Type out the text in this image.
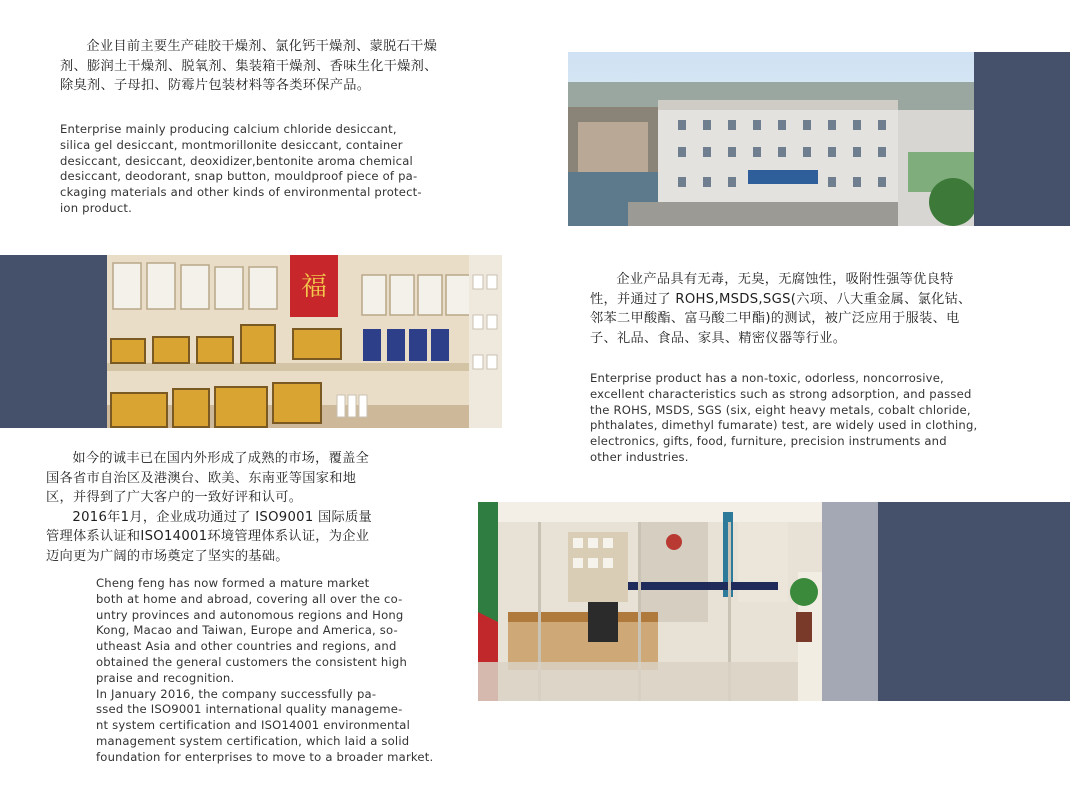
企业目前主要生产硅胶干燥剂、氯化钙干燥剂、蒙脱石干燥剂、膨润土干燥剂、脱氧剂、集装箱干燥剂、香味生化干燥剂、除臭剂、子母扣、防霉片包装材料等各类环保产品。

Enterprise mainly producing calcium chloride desiccant,
silica gel desiccant, montmorillonite desiccant, container
desiccant, desiccant, deoxidizer,bentonite aroma chemical
desiccant, deodorant, snap button, mouldproof piece of pa-
ckaging materials and other kinds of environmental protect-
ion product.

福	企业产品具有无毒，无臭，无腐蚀性，吸附性强等优良特性，并通过了 ROHS,MSDS,SGS(六项、八大重金属、氯化钴、邻苯二甲酸酯、富马酸二甲酯)的测试，被广泛应用于服装、电子、礼品、食品、家具、精密仪器等行业。

Enterprise product has a non-toxic, odorless, noncorrosive,
excellent characteristics such as strong adsorption, and passed
the ROHS, MSDS, SGS (six, eight heavy metals, cobalt chloride,
phthalates, dimethyl fumarate) test, are widely used in clothing,
electronics, gifts, food, furniture, precision instruments and
other industries.

如今的诚丰已在国内外形成了成熟的市场，覆盖全国各省市自治区及港澳台、欧美、东南亚等国家和地区，并得到了广大客户的一致好评和认可。

2016年1月，企业成功通过了 ISO9001 国际质量管理体系认证和ISO14001环境管理体系认证，为企业迈向更为广阔的市场奠定了坚实的基础。

Cheng feng has now formed a mature market
both at home and abroad, covering all over the co-
untry provinces and autonomous regions and Hong
Kong, Macao and Taiwan, Europe and America, so-
utheast Asia and other countries and regions, and
obtained the general customers the consistent high
praise and recognition.

In January 2016, the company successfully pa-
ssed the ISO9001 international quality manageme-
nt system certification and ISO14001 environmental
management system certification, which laid a solid
foundation for enterprises to move to a broader market.
